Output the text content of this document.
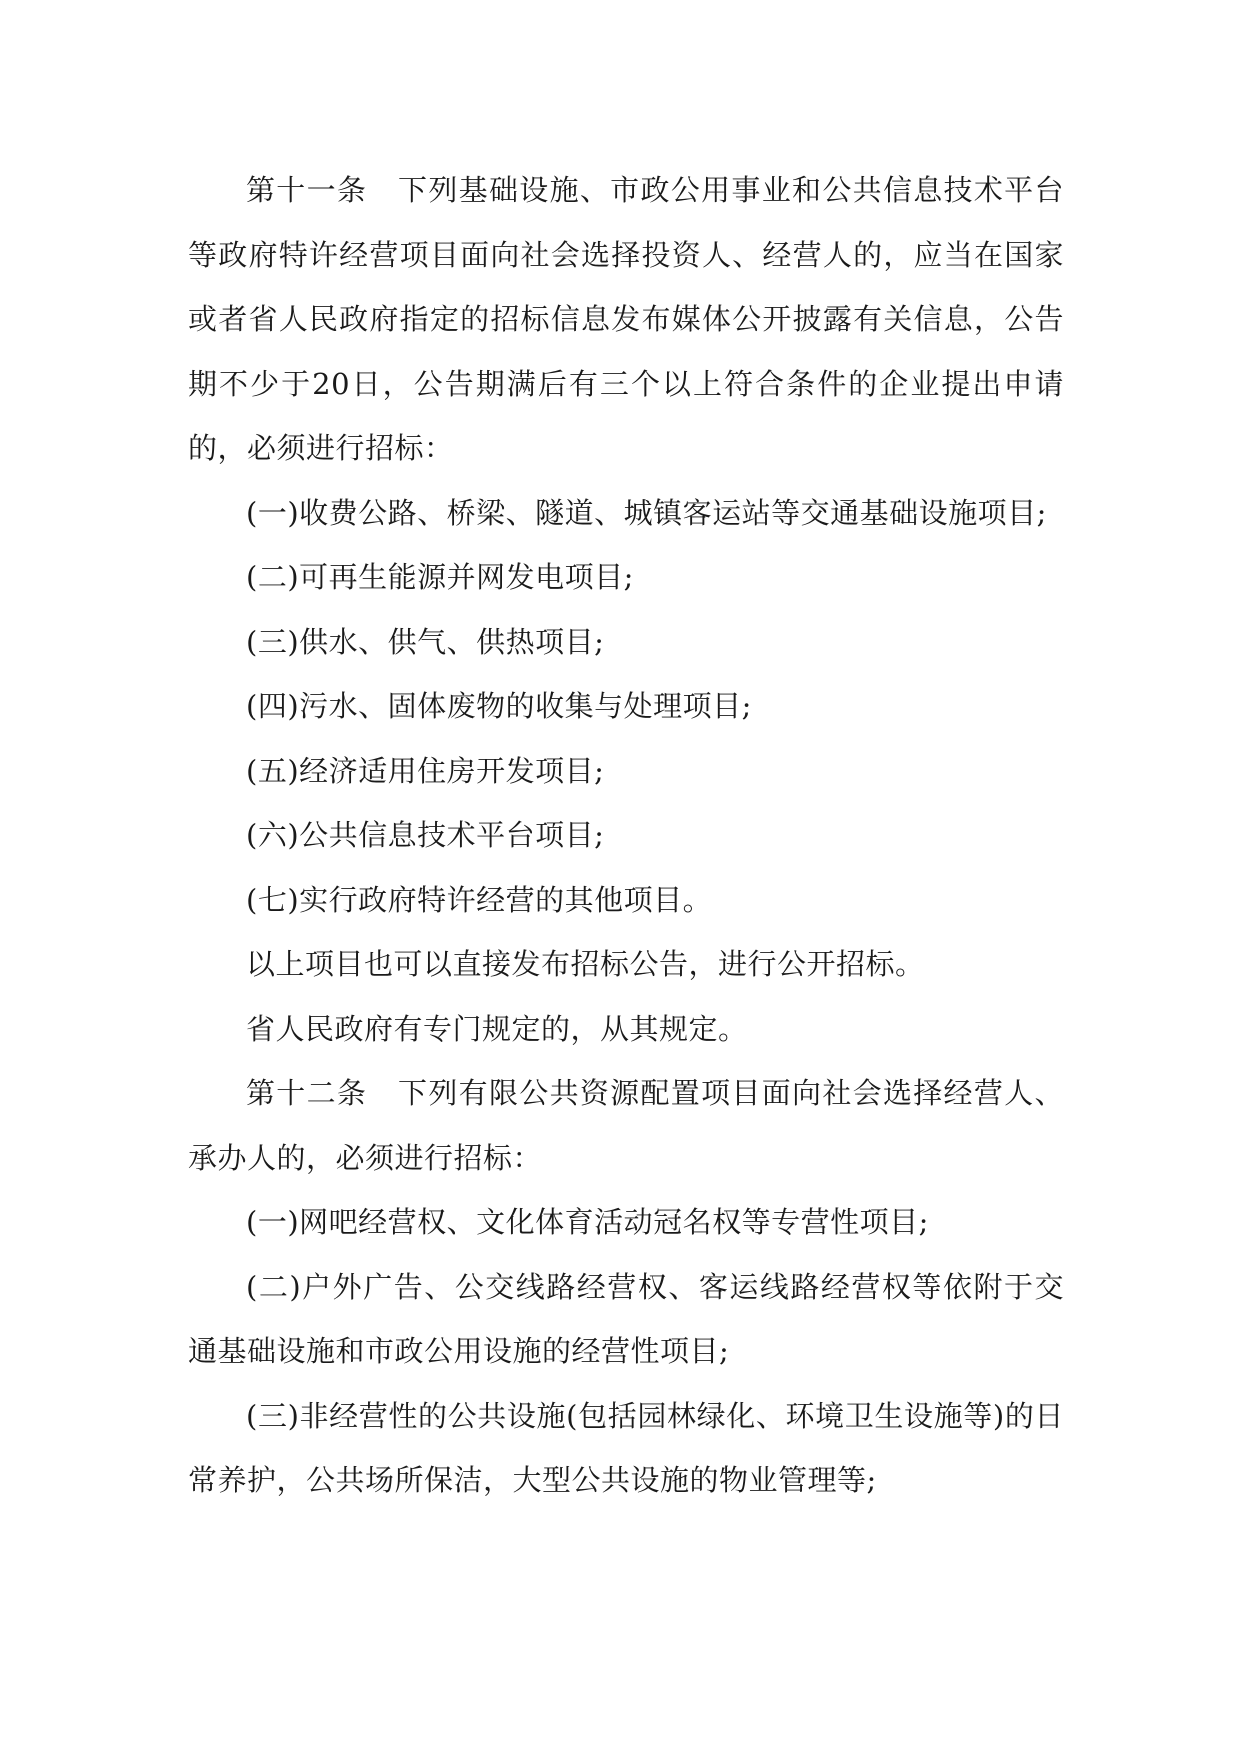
第十一条 下列基础设施、市政公用事业和公共信息技术平台等政府特许经营项目面向社会选择投资人、经营人的，应当在国家或者省人民政府指定的招标信息发布媒体公开披露有关信息，公告期不少于20日，公告期满后有三个以上符合条件的企业提出申请的，必须进行招标：

(一)收费公路、桥梁、隧道、城镇客运站等交通基础设施项目;

(二)可再生能源并网发电项目;

(三)供水、供气、供热项目;

(四)污水、固体废物的收集与处理项目;

(五)经济适用住房开发项目;

(六)公共信息技术平台项目;

(七)实行政府特许经营的其他项目。

以上项目也可以直接发布招标公告，进行公开招标。

省人民政府有专门规定的，从其规定。

第十二条 下列有限公共资源配置项目面向社会选择经营人、承办人的，必须进行招标：

(一)网吧经营权、文化体育活动冠名权等专营性项目;

(二)户外广告、公交线路经营权、客运线路经营权等依附于交通基础设施和市政公用设施的经营性项目;

(三)非经营性的公共设施(包括园林绿化、环境卫生设施等)的日常养护，公共场所保洁，大型公共设施的物业管理等;
